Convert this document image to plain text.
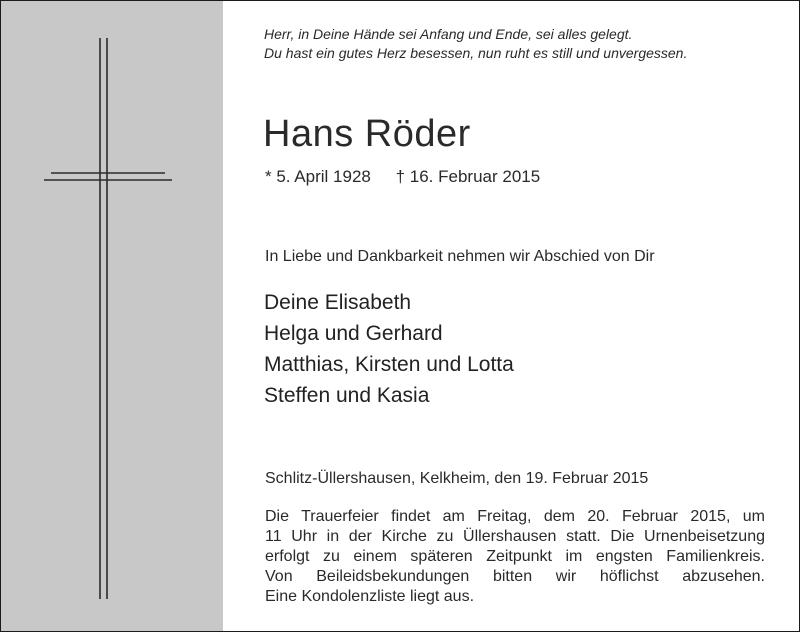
Herr, in Deine Hände sei Anfang und Ende, sei alles gelegt.
Du hast ein gutes Herz besessen, nun ruht es still und unvergessen.
Hans Röder
* 5. April 1928 † 16. Februar 2015
In Liebe und Dankbarkeit nehmen wir Abschied von Dir
Deine Elisabeth
Helga und Gerhard
Matthias, Kirsten und Lotta
Steffen und Kasia
Schlitz-Üllershausen, Kelkheim, den 19. Februar 2015
Die Trauerfeier findet am Freitag, dem 20. Februar 2015, um
11 Uhr in der Kirche zu Üllershausen statt. Die Urnenbeisetzung
erfolgt zu einem späteren Zeitpunkt im engsten Familienkreis.
Von Beileidsbekundungen bitten wir höflichst abzusehen.
Eine Kondolenzliste liegt aus.
